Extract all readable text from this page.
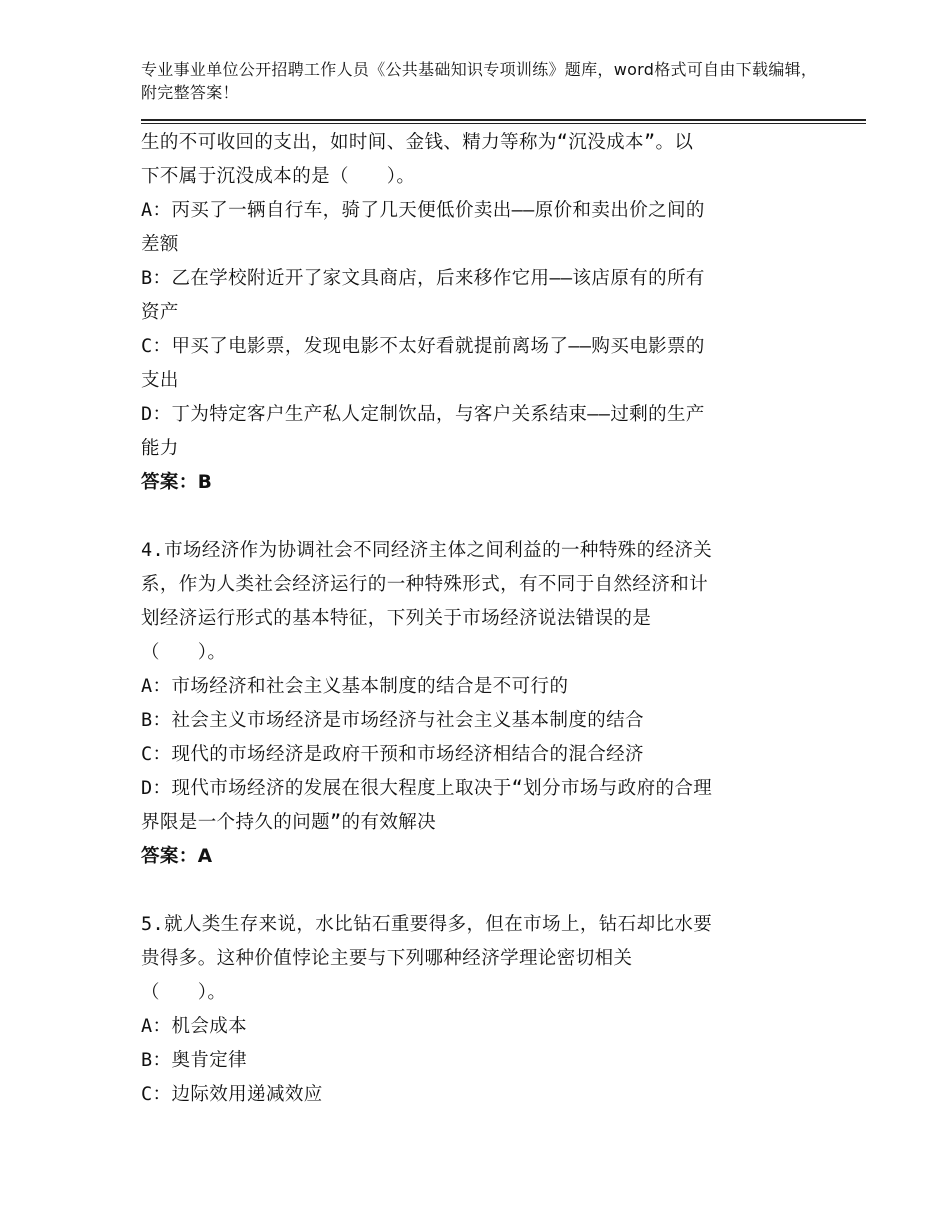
专业事业单位公开招聘工作人员《公共基础知识专项训练》题库，word格式可自由下载编辑，附完整答案！

生的不可收回的支出，如时间、金钱、精力等称为“沉没成本”。以

下不属于沉没成本的是（　　）。

A：丙买了一辆自行车，骑了几天便低价卖出——原价和卖出价之间的

差额

B：乙在学校附近开了家文具商店，后来移作它用——该店原有的所有

资产

C：甲买了电影票，发现电影不太好看就提前离场了——购买电影票的

支出

D：丁为特定客户生产私人定制饮品，与客户关系结束——过剩的生产

能力

答案：B

4.市场经济作为协调社会不同经济主体之间利益的一种特殊的经济关

系，作为人类社会经济运行的一种特殊形式，有不同于自然经济和计

划经济运行形式的基本特征，下列关于市场经济说法错误的是

（　　）。

A：市场经济和社会主义基本制度的结合是不可行的

B：社会主义市场经济是市场经济与社会主义基本制度的结合

C：现代的市场经济是政府干预和市场经济相结合的混合经济

D：现代市场经济的发展在很大程度上取决于“划分市场与政府的合理

界限是一个持久的问题”的有效解决

答案：A

5.就人类生存来说，水比钻石重要得多，但在市场上，钻石却比水要

贵得多。这种价值悖论主要与下列哪种经济学理论密切相关

（　　）。

A：机会成本

B：奥肯定律

C：边际效用递减效应
